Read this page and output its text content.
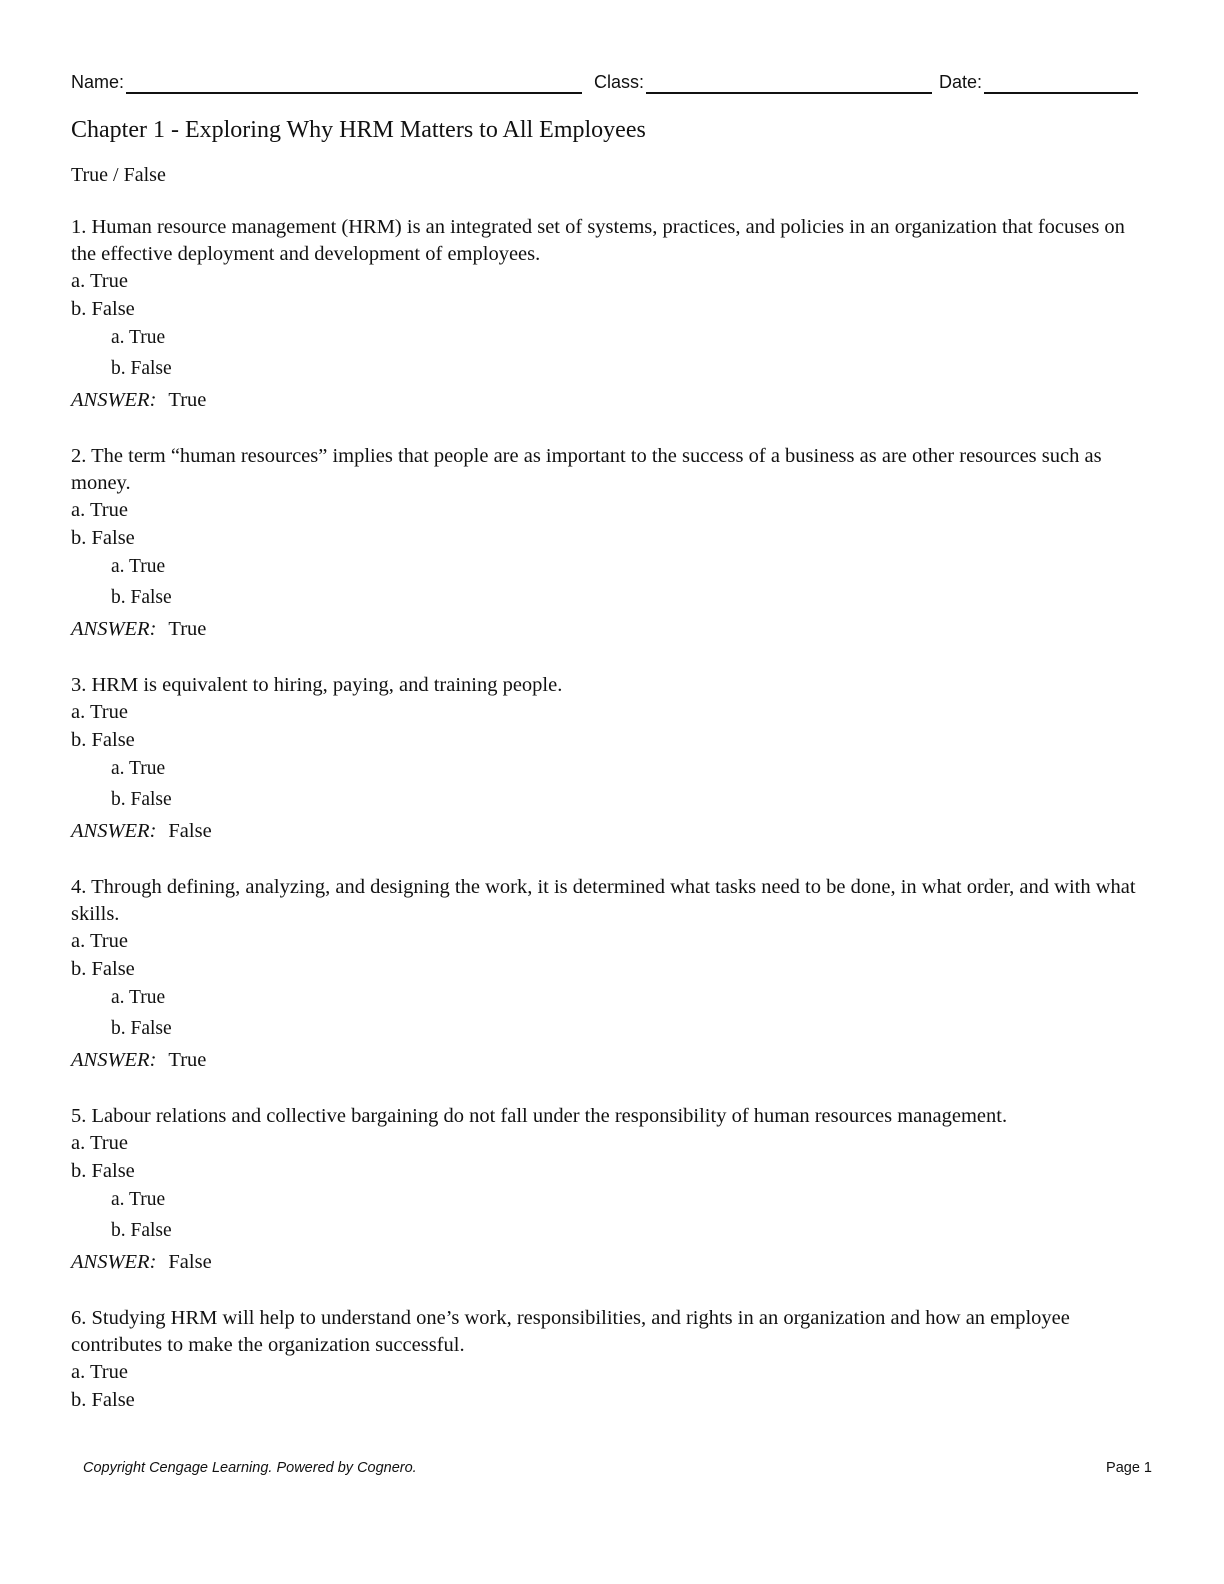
Name:	Class:	Date:
Chapter 1 - Exploring Why HRM Matters to All Employees
True / False
1. Human resource management (HRM) is an integrated set of systems, practices, and policies in an organization that focuses on the effective deployment and development of employees.
a. True
b. False
a. True
b. False
ANSWER: True
2. The term “human resources” implies that people are as important to the success of a business as are other resources such as money.
a. True
b. False
a. True
b. False
ANSWER: True
3. HRM is equivalent to hiring, paying, and training people.
a. True
b. False
a. True
b. False
ANSWER: False
4. Through defining, analyzing, and designing the work, it is determined what tasks need to be done, in what order, and with what skills.
a. True
b. False
a. True
b. False
ANSWER: True
5. Labour relations and collective bargaining do not fall under the responsibility of human resources management.
a. True
b. False
a. True
b. False
ANSWER: False
6. Studying HRM will help to understand one’s work, responsibilities, and rights in an organization and how an employee contributes to make the organization successful.
a. True
b. False
Copyright Cengage Learning. Powered by Cognero.	Page 1
